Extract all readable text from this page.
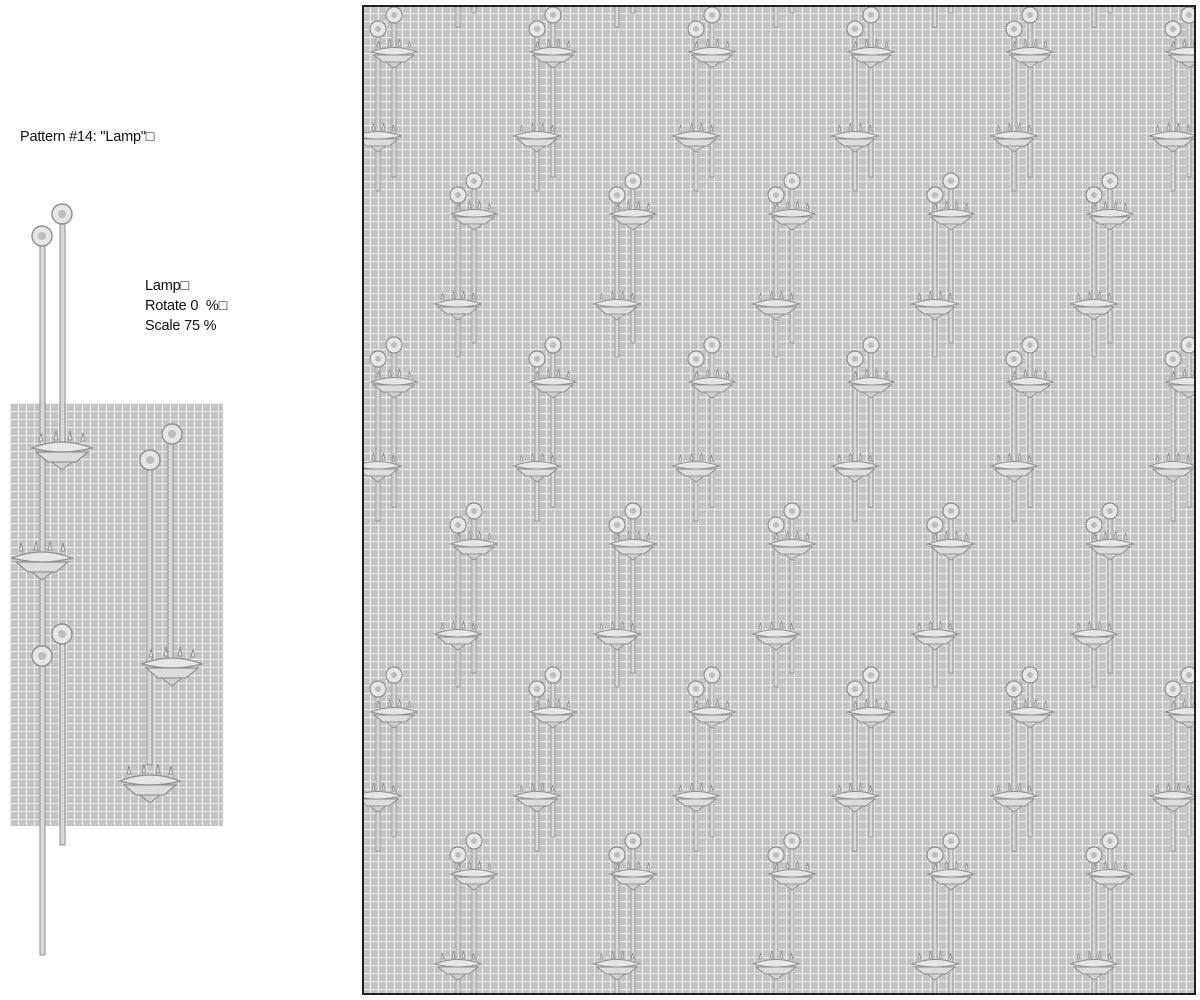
Pattern #14: "Lamp"□
Lamp□
Rotate 0  %□
Scale 75 %
